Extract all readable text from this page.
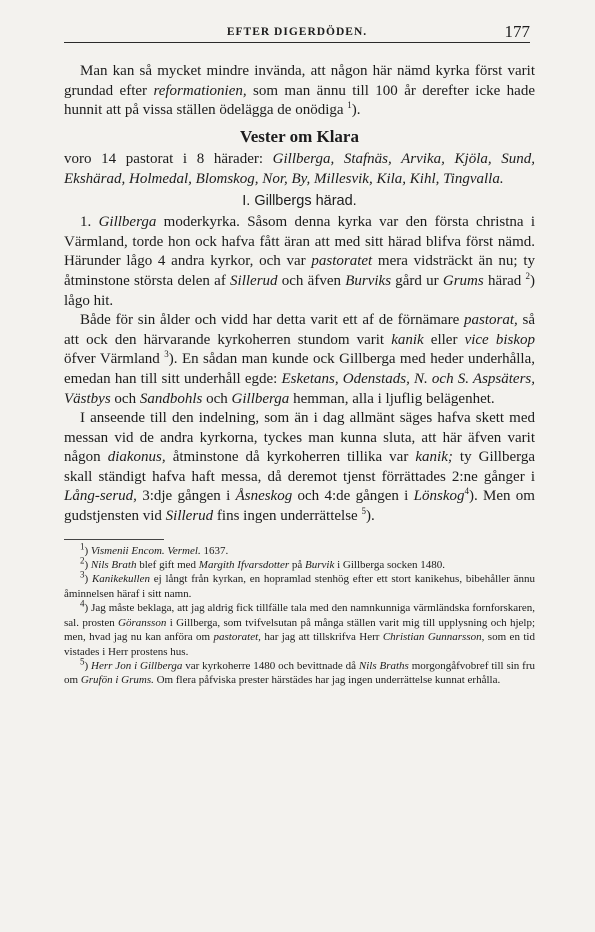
EFTER DIGERDÖDEN.	177

Man kan så mycket mindre invända, att någon här nämd kyrka först varit grundad efter reformationien, som man ännu till 100 år derefter icke hade hunnit att på vissa ställen ödelägga de onödiga $^1$).

Vester om Klara

voro 14 pastorat i 8 härader: Gillberga, Stafnäs, Arvika, Kjöla, Sund, Ekshärad, Holmedal, Blomskog, Nor, By, Millesvik, Kila, Kihl, Tingvalla.

I. Gillbergs härad.

1. Gillberga moderkyrka. Såsom denna kyrka var den första christna i Värmland, torde hon ock hafva fått äran att med sitt härad blifva först nämd. Härunder lågo 4 andra kyrkor, och var pastoratet mera vidsträckt än nu; ty åtminstone största delen af Sillerud och äfven Burviks gård ur Grums härad $^2$) lågo hit.

Både för sin ålder och vidd har detta varit ett af de förnämare pastorat, så att ock den härvarande kyrkoherren stundom varit kanik eller vice biskop öfver Värmland $^3$). En sådan man kunde ock Gillberga med heder underhålla, emedan han till sitt underhåll egde: Esketans, Odenstads, N. och S. Aspsäters, Västbys och Sandbohls och Gillberga hemman, alla i ljuflig belägenhet.

I anseende till den indelning, som än i dag allmänt säges hafva skett med messan vid de andra kyrkorna, tyckes man kunna sluta, att här äfven varit någon diakonus, åtminstone då kyrkoherren tillika var kanik; ty Gillberga skall ständigt hafva haft messa, då deremot tjenst förrättades 2:ne gånger i Lång-serud, 3:dje gången i Åsneskog och 4:de gången i Lönskog$^4$). Men om gudstjensten vid Sillerud fins ingen underrättelse $^5$).

$^1$) Vismenii Encom. Vermel. 1637.

$^2$) Nils Brath blef gift med Margith Ifvarsdotter på Burvik i Gillberga socken 1480.

$^3$) Kanikekullen ej långt från kyrkan, en hopramlad stenhög efter ett stort kanikehus, bibehåller ännu åminnelsen häraf i sitt namn.

$^4$) Jag måste beklaga, att jag aldrig fick tillfälle tala med den namnkunniga värmländska fornforskaren, sal. prosten Göransson i Gillberga, som tvifvelsutan på många ställen varit mig till upplysning och hjelp; men, hvad jag nu kan anföra om pastoratet, har jag att tillskrifva Herr Christian Gunnarsson, som en tid vistades i Herr prostens hus.

$^5$) Herr Jon i Gillberga var kyrkoherre 1480 och bevittnade då Nils Braths morgongåfvobref till sin fru om Grufön i Grums. Om flera påfviska prester härstädes har jag ingen underrättelse kunnat erhålla.
